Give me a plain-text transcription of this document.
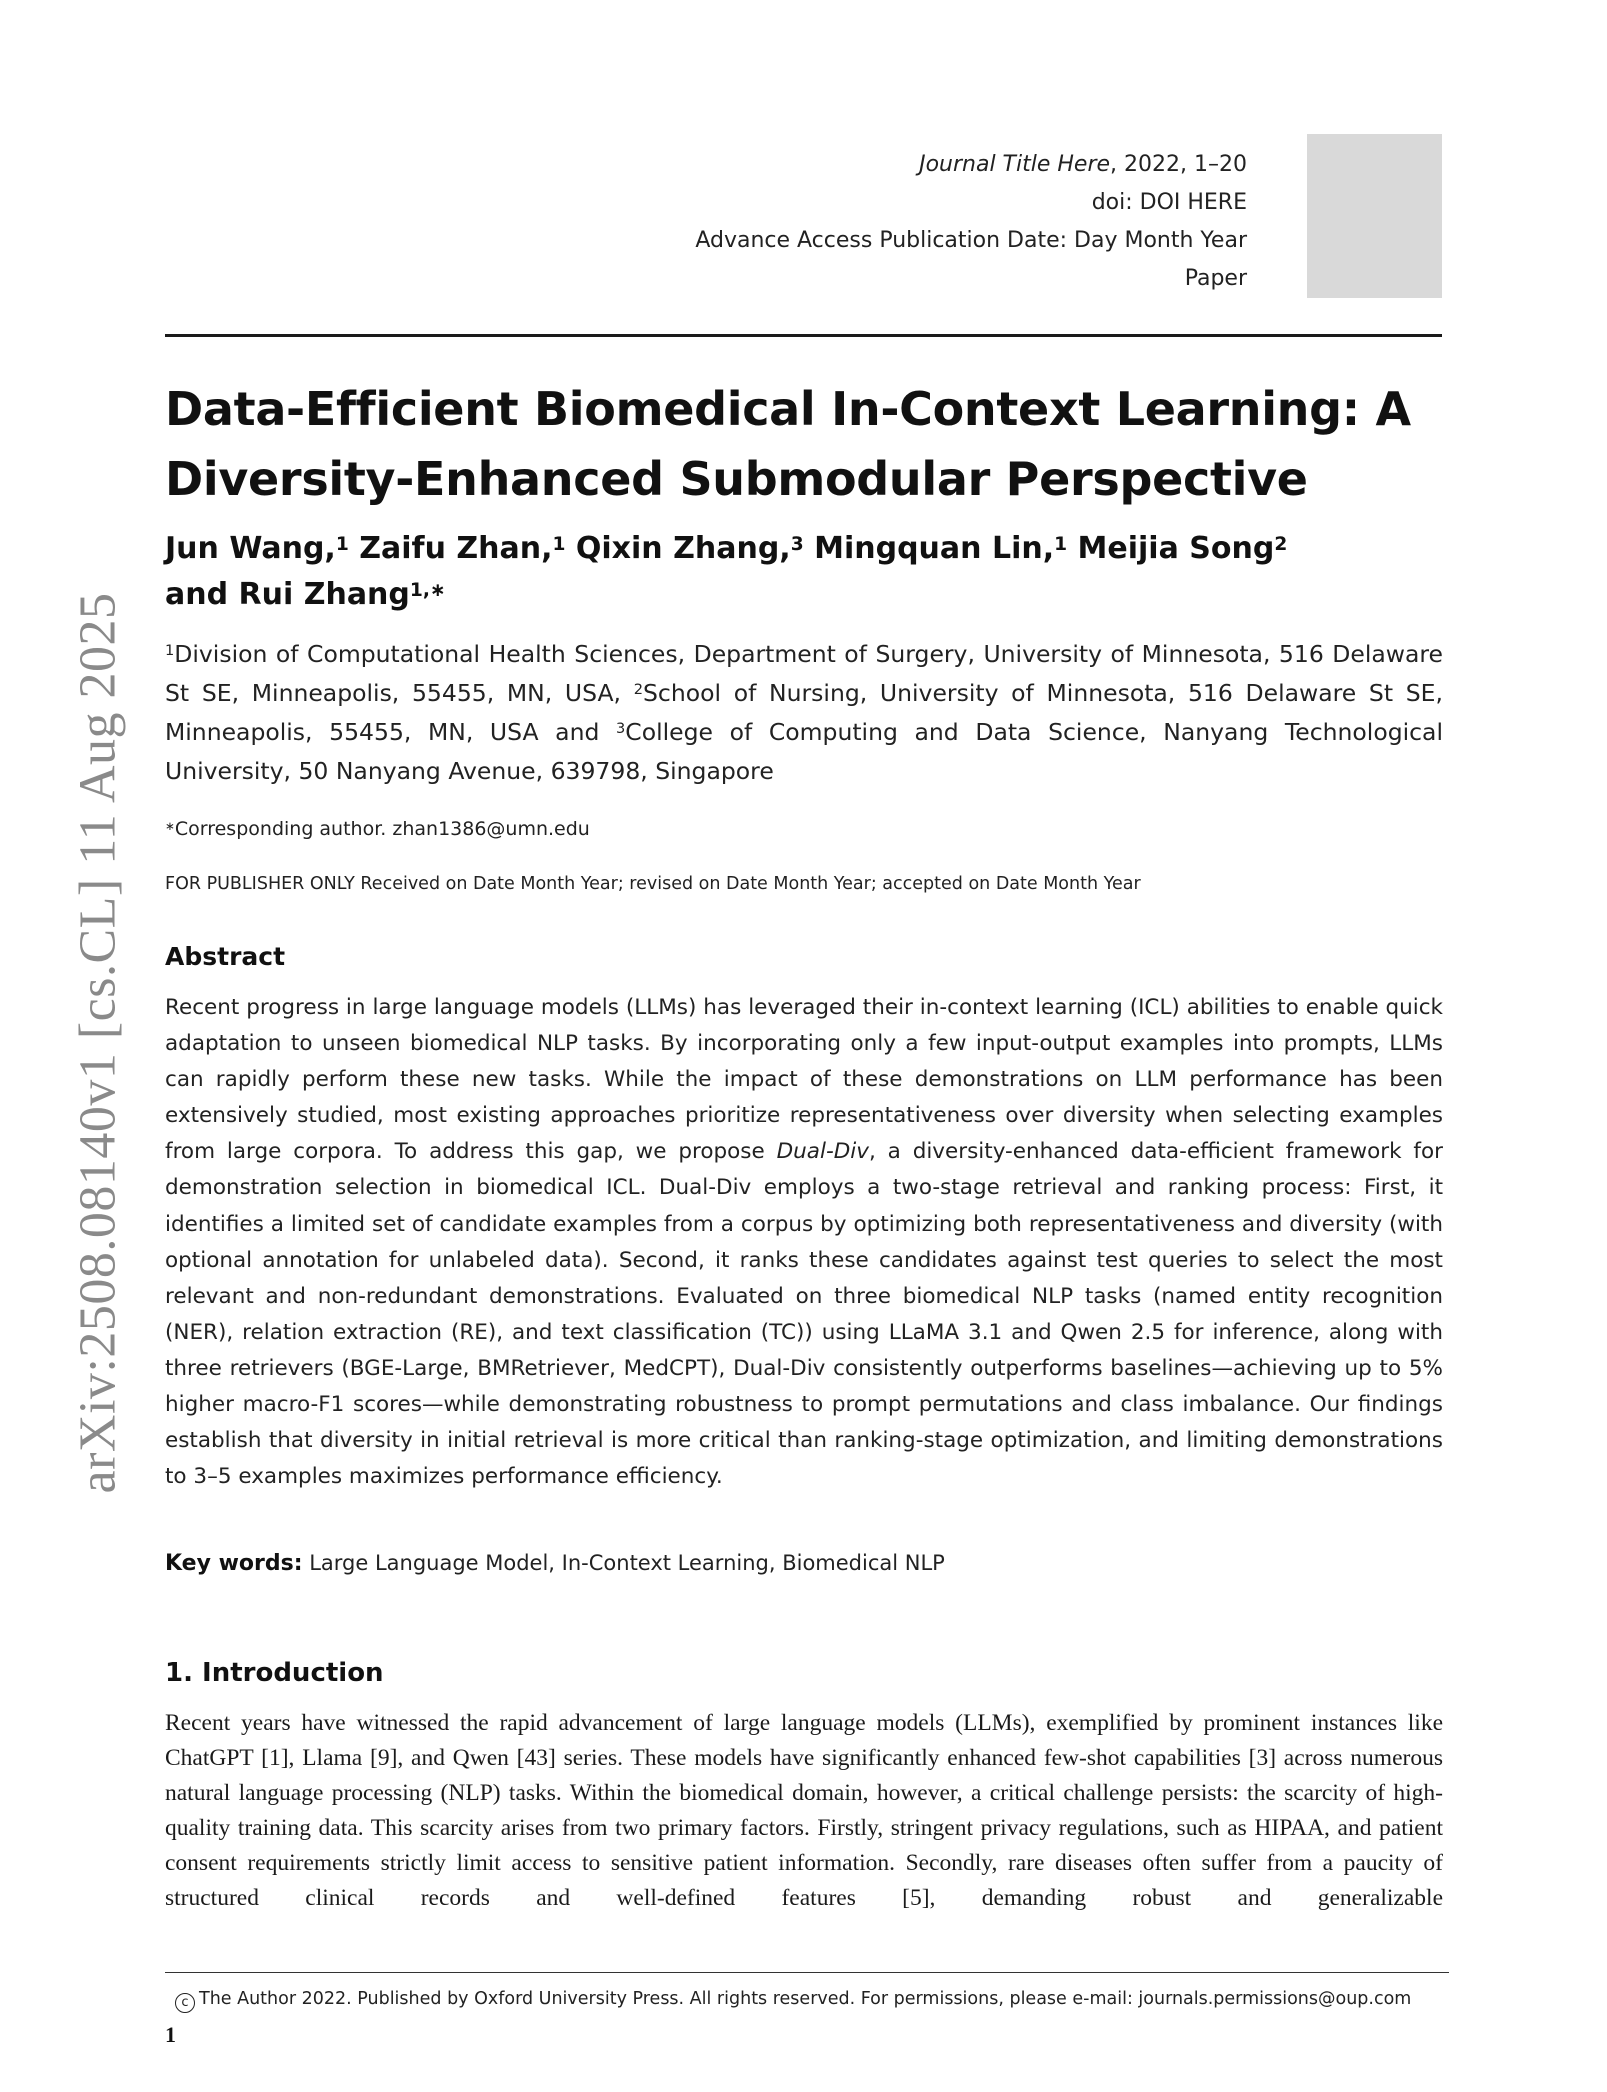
arXiv:2508.08140v1 [cs.CL] 11 Aug 2025
Journal Title Here, 2022, 1–20
doi: DOI HERE
Advance Access Publication Date: Day Month Year
Paper
Data-Efficient Biomedical In-Context Learning: A Diversity-Enhanced Submodular Perspective
Jun Wang,$^1$ Zaifu Zhan,$^1$ Qixin Zhang,$^3$ Mingquan Lin,$^1$ Meijia Song$^2$
and Rui Zhang$^{1,∗}$
$^1$Division of Computational Health Sciences, Department of Surgery, University of Minnesota, 516 Delaware St SE, Minneapolis, 55455, MN, USA, $^2$School of Nursing, University of Minnesota, 516 Delaware St SE, Minneapolis, 55455, MN, USA and $^3$College of Computing and Data Science, Nanyang Technological University, 50 Nanyang Avenue, 639798, Singapore
∗Corresponding author. zhan1386@umn.edu
FOR PUBLISHER ONLY Received on Date Month Year; revised on Date Month Year; accepted on Date Month Year
Abstract
Recent progress in large language models (LLMs) has leveraged their in-context learning (ICL) abilities to enable quick adaptation to unseen biomedical NLP tasks. By incorporating only a few input-output examples into prompts, LLMs can rapidly perform these new tasks. While the impact of these demonstrations on LLM performance has been extensively studied, most existing approaches prioritize representativeness over diversity when selecting examples from large corpora. To address this gap, we propose Dual-Div, a diversity-enhanced data-efficient framework for demonstration selection in biomedical ICL. Dual-Div employs a two-stage retrieval and ranking process: First, it identifies a limited set of candidate examples from a corpus by optimizing both representativeness and diversity (with optional annotation for unlabeled data). Second, it ranks these candidates against test queries to select the most relevant and non-redundant demonstrations. Evaluated on three biomedical NLP tasks (named entity recognition (NER), relation extraction (RE), and text classification (TC)) using LLaMA 3.1 and Qwen 2.5 for inference, along with three retrievers (BGE-Large, BMRetriever, MedCPT), Dual-Div consistently outperforms baselines—achieving up to 5% higher macro-F1 scores—while demonstrating robustness to prompt permutations and class imbalance. Our findings establish that diversity in initial retrieval is more critical than ranking-stage optimization, and limiting demonstrations to 3–5 examples maximizes performance efficiency.
Key words: Large Language Model, In-Context Learning, Biomedical NLP
1. Introduction
Recent years have witnessed the rapid advancement of large language models (LLMs), exemplified by prominent instances like ChatGPT [1], Llama [9], and Qwen [43] series. These models have significantly enhanced few-shot capabilities [3] across numerous natural language processing (NLP) tasks. Within the biomedical domain, however, a critical challenge persists: the scarcity of high-quality training data. This scarcity arises from two primary factors. Firstly, stringent privacy regulations, such as HIPAA, and patient consent requirements strictly limit access to sensitive patient information. Secondly, rare diseases often suffer from a paucity of structured clinical records and well-defined features [5], demanding robust and generalizable
c The Author 2022. Published by Oxford University Press. All rights reserved. For permissions, please e-mail: journals.permissions@oup.com
1
